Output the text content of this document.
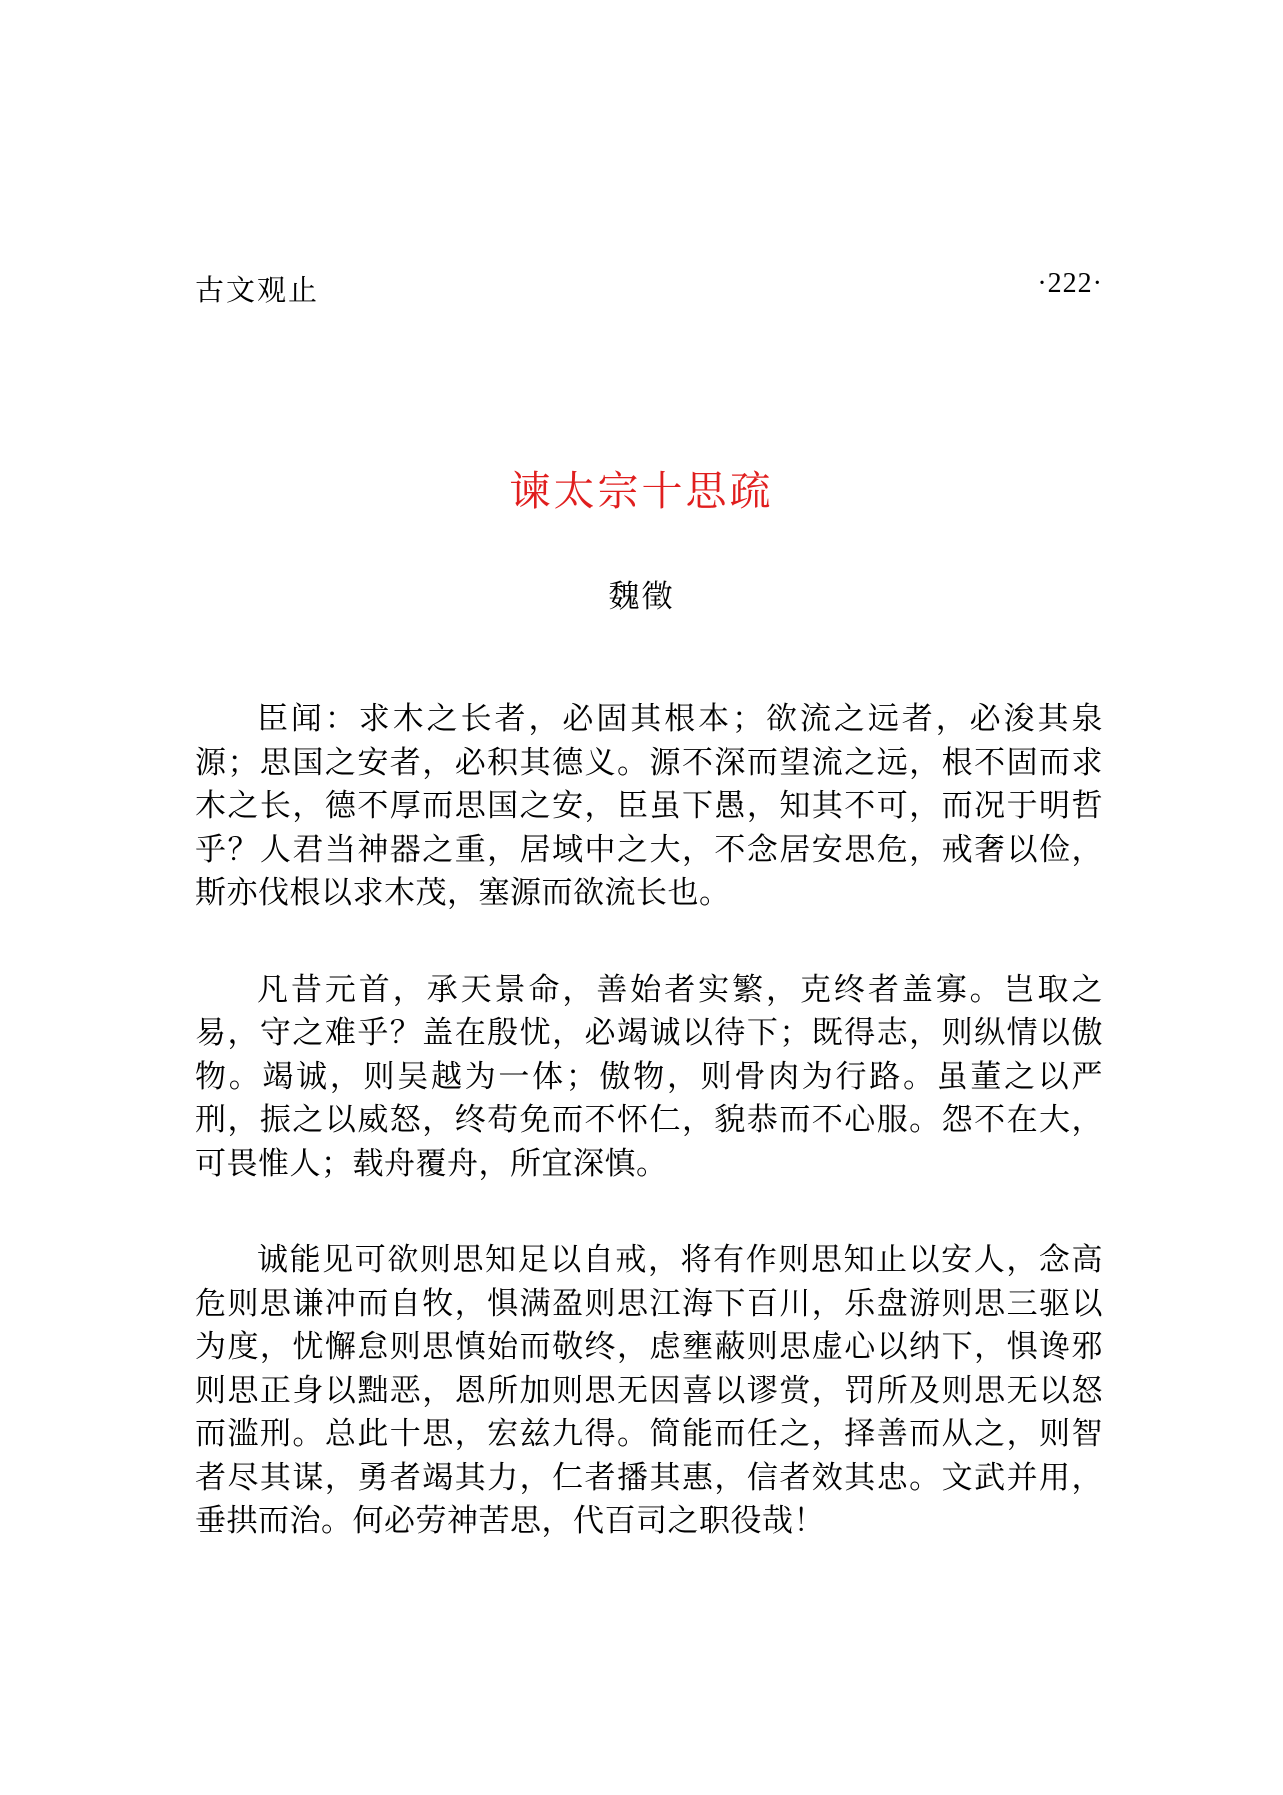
古文观止	·222·
谏太宗十思疏
魏徵

臣闻：求木之长者，必固其根本；欲流之远者，必浚其泉源；思国之安者，必积其德义。源不深而望流之远，根不固而求木之长，德不厚而思国之安，臣虽下愚，知其不可，而况于明哲乎？人君当神器之重，居域中之大，不念居安思危，戒奢以俭，斯亦伐根以求木茂，塞源而欲流长也。

凡昔元首，承天景命，善始者实繁，克终者盖寡。岂取之易，守之难乎？盖在殷忧，必竭诚以待下；既得志，则纵情以傲物。竭诚，则吴越为一体；傲物，则骨肉为行路。虽董之以严刑，振之以威怒，终苟免而不怀仁，貌恭而不心服。怨不在大，可畏惟人；载舟覆舟，所宜深慎。

诚能见可欲则思知足以自戒，将有作则思知止以安人，念高危则思谦冲而自牧，惧满盈则思江海下百川，乐盘游则思三驱以为度，忧懈怠则思慎始而敬终，虑壅蔽则思虚心以纳下，惧谗邪则思正身以黜恶，恩所加则思无因喜以谬赏，罚所及则思无以怒而滥刑。总此十思，宏兹九得。简能而任之，择善而从之，则智者尽其谋，勇者竭其力，仁者播其惠，信者效其忠。文武并用，垂拱而治。何必劳神苦思，代百司之职役哉！
